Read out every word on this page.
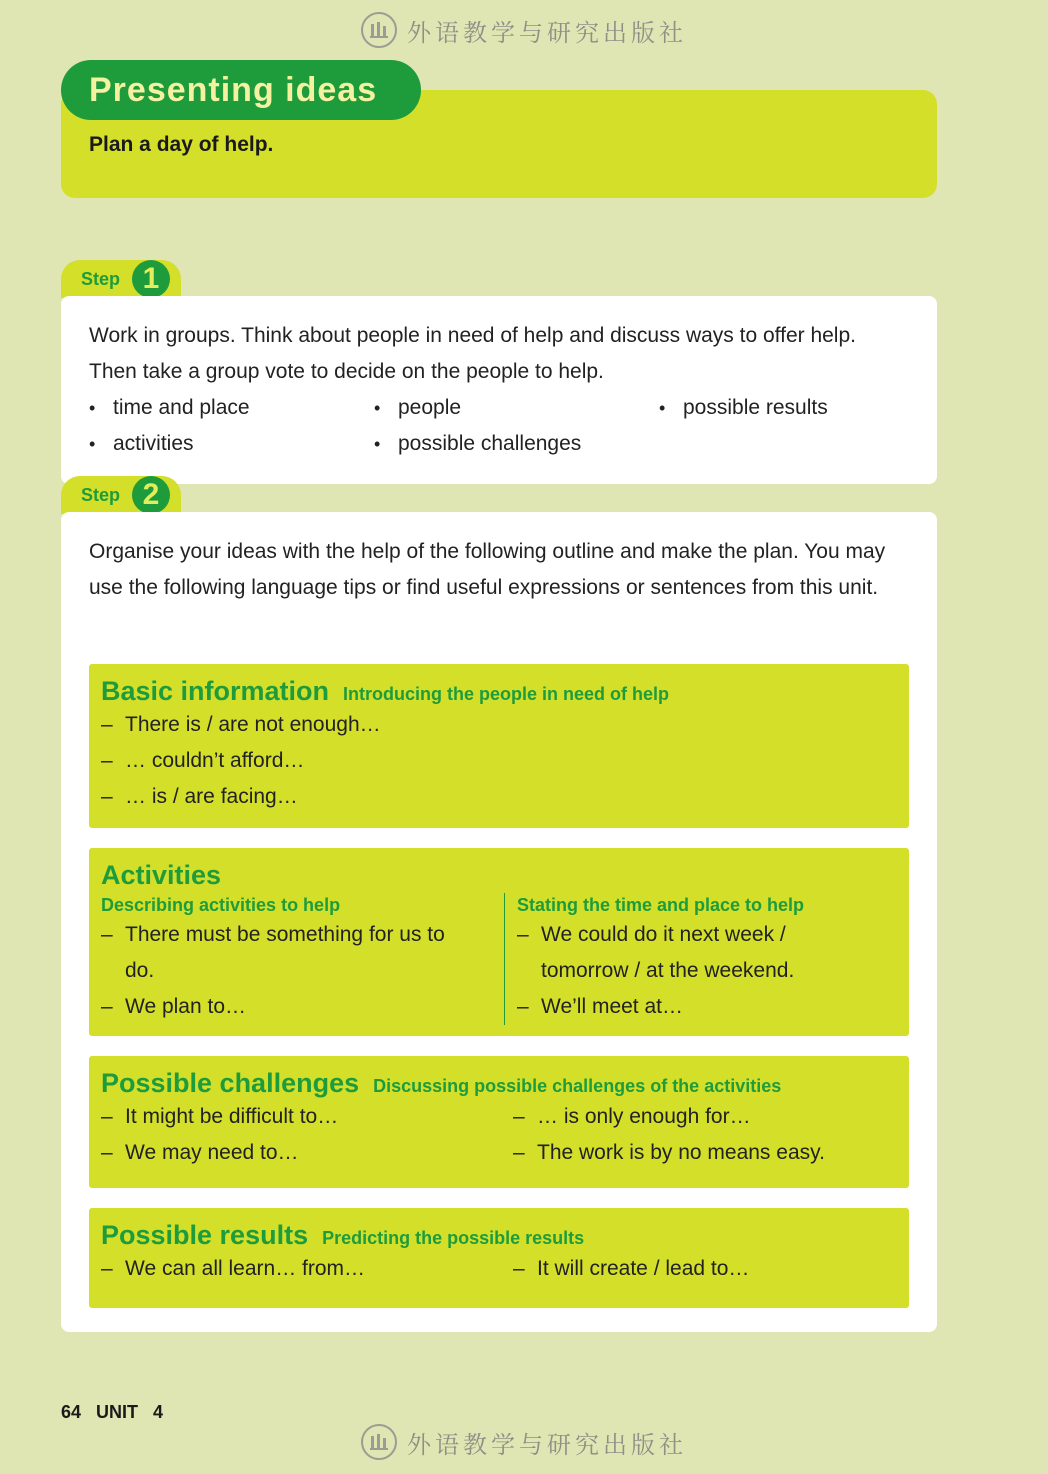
外语教学与研究出版社
Presenting ideas
Plan a day of help.
Step 1
Work in groups. Think about people in need of help and discuss ways to offer help. Then take a group vote to decide on the people to help.
• time and place	• people	• possible results
• activities	• possible challenges
Step 2
Organise your ideas with the help of the following outline and make the plan. You may use the following language tips or find useful expressions or sentences from this unit.
Basic information Introducing the people in need of help
– There is / are not enough…
– … couldn’t afford…
– … is / are facing…
Activities
Describing activities to help
– There must be something for us to do.
– We plan to…
Stating the time and place to help
– We could do it next week / tomorrow / at the weekend.
– We’ll meet at…
Possible challenges Discussing possible challenges of the activities
– It might be difficult to…	– … is only enough for…
– We may need to…	– The work is by no means easy.
Possible results Predicting the possible results
– We can all learn… from…	– It will create / lead to…
64 UNIT 4
外语教学与研究出版社
